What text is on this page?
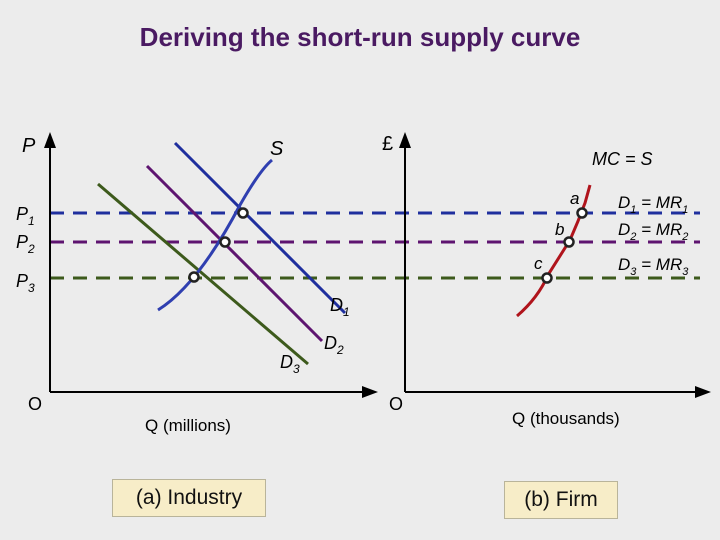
Deriving the short-run supply curve
P	S
$P_1$
$P_2$
$P_3$
$D_1$
$D_2$
$D_3$
O
Q (millions)
£
MC = S
a
b
c
$D_1 = MR_1$
$D_2 = MR_2$
$D_3 = MR_3$
O
Q (thousands)
(a) Industry	(b) Firm
